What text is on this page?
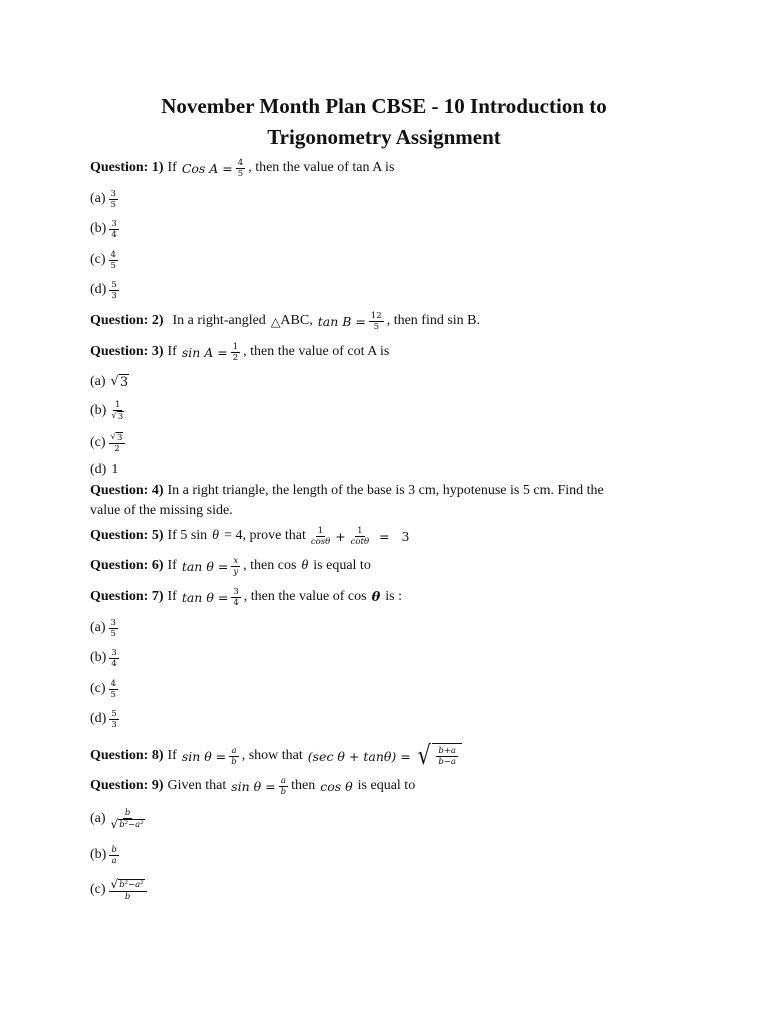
November Month Plan CBSE - 10 Introduction to
Trigonometry Assignment
Question: 1) If Cos $A = \frac{4}{5}$ , then the value of tan A is
$(a) \frac{3}{5}$
$(b) \frac{3}{4}$
$(c) \frac{4}{5}$
$(d) \frac{5}{3}$
Question: 2) In a right-angled △ ABC, $\tan B = \frac{12}{5}$ , then find sin B.
Question: 3) If $\sin A = \frac{1}{2}$ , then the value of cot A is
(a) √ 3
$(b) \frac{1}{√ 3}$
$(c) \frac{√ 3}{2}$
(d) 1
Question: 4) In a right triangle, the length of the base is 3 cm, hypotenuse is 5 cm. Find the
value of the missing side.
Question: 5) If 5 sin θ = 4, prove that $\frac{1}{\cos\theta} + \frac{1}{\cot\theta} = 3$
Question: 6) If $\tan \theta = \frac{x}{y}$ , then cos θ is equal to
Question: 7) If $\tan \theta = \frac{3}{4}$ , then the value of cos 𝜽 is :
$(a) \frac{3}{5}$
$(b) \frac{3}{4}$
$(c) \frac{4}{5}$
$(d) \frac{5}{3}$
Question: 8) If $\sin \theta = \frac{a}{b}$ , show that (sec θ + tanθ) = √ $\frac{b+a}{b-a}$
Question: 9) Given that $\sin \theta = \frac{a}{b}$ then cos θ is equal to
$(a) \frac{b}{\text{√ b²−a²}}$
$(b) \frac{b}{a}$
$(c) \frac{\text{√ b²−a²}}{b}$
